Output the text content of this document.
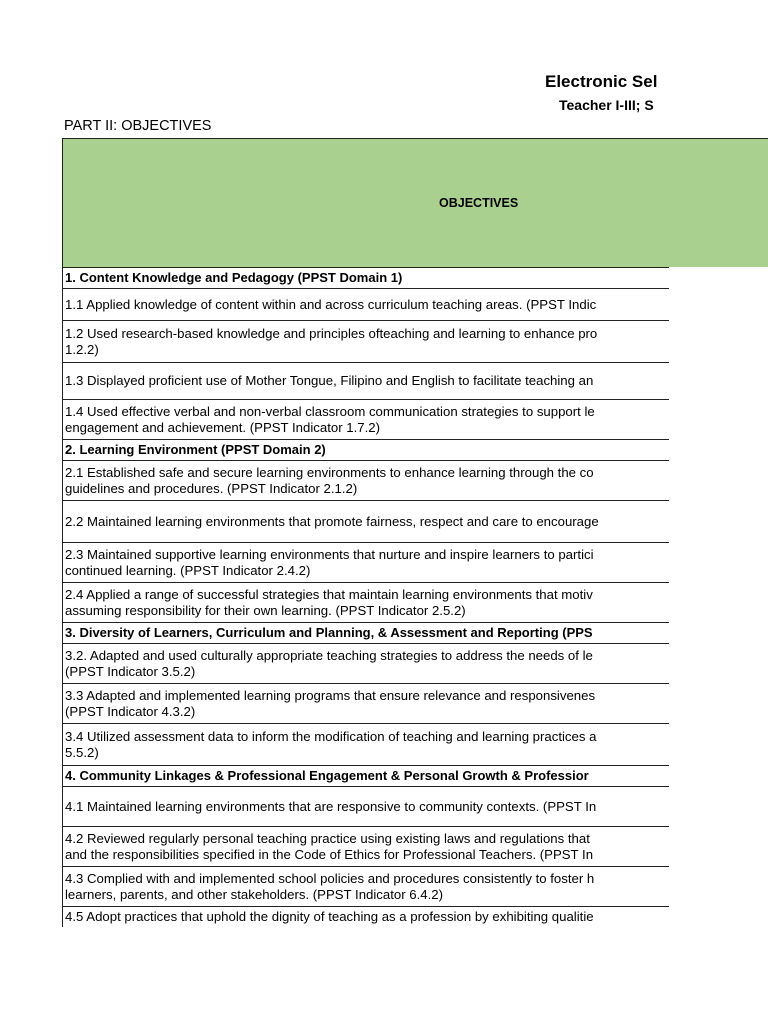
Electronic Sel
Teacher I-III; S
PART II: OBJECTIVES
OBJECTIVES
1. Content Knowledge and Pedagogy (PPST Domain 1)
1.1 Applied knowledge of content within and across curriculum teaching areas. (PPST Indic
1.2 Used research-based knowledge and principles ofteaching and learning to enhance pro
1.2.2)
1.3 Displayed proficient use of Mother Tongue, Filipino and English to facilitate teaching an
1.4 Used effective verbal and non-verbal classroom communication strategies to support le
engagement and achievement. (PPST Indicator 1.7.2)
2. Learning Environment (PPST Domain 2)
2.1 Established safe and secure learning environments to enhance learning through the co
guidelines and procedures. (PPST Indicator 2.1.2)
2.2 Maintained learning environments that promote fairness, respect and care to encourage
2.3 Maintained supportive learning environments that nurture and inspire learners to partici
continued learning. (PPST Indicator 2.4.2)
2.4 Applied a range of successful strategies that maintain learning environments that motiv
assuming responsibility for their own learning. (PPST Indicator 2.5.2)
3. Diversity of Learners, Curriculum and Planning, & Assessment and Reporting (PPS
3.2. Adapted and used culturally appropriate teaching strategies to address the needs of le
(PPST Indicator 3.5.2)
3.3 Adapted and implemented learning programs that ensure relevance and responsivenes
(PPST Indicator 4.3.2)
3.4 Utilized assessment data to inform the modification of teaching and learning practices a
5.5.2)
4. Community Linkages & Professional Engagement & Personal Growth & Professior
4.1 Maintained learning environments that are responsive to community contexts. (PPST In
4.2 Reviewed regularly personal teaching practice using existing laws and regulations that
and the responsibilities specified in the Code of Ethics for Professional Teachers. (PPST In
4.3 Complied with and implemented school policies and procedures consistently to foster h
learners, parents, and other stakeholders. (PPST Indicator 6.4.2)
4.5 Adopt practices that uphold the dignity of teaching as a profession by exhibiting qualitie
